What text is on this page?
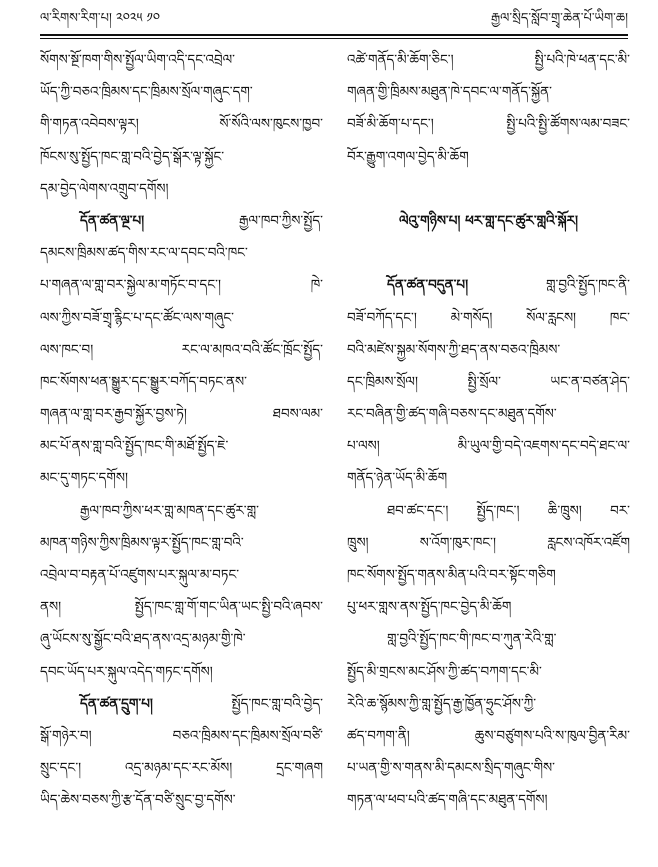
ལ་རིགས་རིག་པ། ༢༠༢༥ ༡༠	རྒྱལ་སྲིད་སློབ་གྲྭ་ཆེན་པོ་ཡིག་ཆ།
སོགས་སྔོ་ཁག་གིས་སྤྱོལ་ཡིག་འདི་དང་འབྲེལ་
ཡོད་ཀྱི་བཅའ་ཁྲིམས་དང་ཁྲིམས་སྲོལ་གཞུང་དག་
གི་གཏན་འབེབས་ལྟར། སོ་སོའི་ལས་ཁུངས་ཁྱབ་
ཁོངས་སུ་སྤྱོད་ཁང་གླ་བའི་བྱེད་སྒོར་ལྟ་སྐྱོང་
དམ་བྱེད་ལེགས་འགྲུབ་དགོས།
དོན་ཚན་ལྔ་པ། རྒྱལ་ཁབ་ཀྱིས་སྤྱོད་
དམངས་ཁྲིམས་ཚད་གིས་རང་ལ་དབང་བའི་ཁང་
པ་གཞན་ལ་གླ་བར་སྐྱེལ་མ་གཏོང་བ་དང་། ཁེ་
ལས་ཀྱིས་བཟོ་གྲྭ་རྙིང་པ་དང་ཚོང་ལས་གཞུང་
ལས་ཁང་བ། རང་ལ་མཁའ་བའི་ཚོང་ཁྲོང་སྤྱོད་
ཁང་སོགས་ཕན་སྒྱུར་དང་སྒྱུར་བཀོད་བཏང་ནས་
གཞན་ལ་གླ་བར་རྒྱབ་སྐྱོར་བྱས་ཏེ། ཐབས་ལམ་
མང་པོ་ནས་གླ་བའི་སྤྱོད་ཁང་གི་མཐོ་སྤྱོད་ཇེ་
མང་དུ་གཏང་དགོས།
རྒྱལ་ཁབ་ཀྱིས་ཕར་གླ་མཁན་དང་ཚུར་གླ་
མཁན་གཉིས་ཀྱིས་ཁྲིམས་ལྟར་སྤྱོད་ཁང་གླ་བའི་
འབྲེལ་བ་བརྟན་པོ་འཛུགས་པར་སྐུལ་མ་བཏང་
ནས། སྤྱོད་ཁང་གླ་གོ་གང་ཡིན་ཡང་སྤྱི་བའི་ཞབས་
ཞུ་ཡོངས་སུ་སྒྱོང་བའི་ཐད་ནས་འདྲ་མཉམ་གྱི་ཁེ་
དབང་ཡོད་པར་སྐུལ་འདེད་གཏང་དགོས།
དོན་ཚན་དྲུག་པ། སྤྱོད་ཁང་གླ་བའི་བྱེད་
སྒོ་གཉེར་བ། བཅའ་ཁྲིམས་དང་ཁྲིམས་སྲོལ་བཙི་
སྲུང་དང་། འདྲ་མཉམ་དང་རང་མོས། དྲང་གཞག
ཡིད་ཆེས་བཅས་ཀྱི་རྩ་དོན་བཙི་སྲུང་བྱ་དགོས་
འཚེ་གནོད་མི་ཆོག་ཅིང་། སྤྱི་པའི་ཁེ་ཕན་དང་མི་
གཞན་གྱི་ཁྲིམས་མཐུན་ཁེ་དབང་ལ་གནོད་སྐྱོན་
བཟོ་མི་ཆོག་པ་དང་། སྤྱི་པའི་སྤྱི་ཚོགས་ལམ་བཟང་
བོར་རྒྱུག་འགལ་བྱེད་མི་ཆོག
ལེའུ་གཉིས་པ། ཕར་གླ་དང་ཚུར་གླའི་སྐོར།
དོན་ཚན་བདུན་པ། གླ་བྱའི་སྤྱོད་ཁང་ནི་
བཟོ་བཀོད་དང་། མེ་གསོད། སོལ་རླངས། ཁང་
བའི་མཛེས་སྐྱམ་སོགས་ཀྱི་ཐད་ནས་བཅའ་ཁྲིམས་
དང་ཁྲིམས་སྲོལ། སྤྱི་སྲོལ་ ཡང་ན་བཙན་ཤེད་
རང་བཞིན་གྱི་ཚད་གཞི་བཅས་དང་མཐུན་དགོས་
པ་ལས། མི་ཡུལ་གྱི་བདེ་འཇགས་དང་བདེ་ཐང་ལ་
གནོད་ཉེན་ཡོད་མི་ཆོག
ཐབ་ཚང་དང་། སྤྱོད་ཁང་། ཆི་ཁྲུས། བར་
ཁྲུས། ས་འོག་ཁུར་ཁང་། རླངས་འཁོར་འཛོག
ཁང་སོགས་སྤྱོད་གནས་མིན་པའི་བར་སྟོང་གཅིག
པུ་ཕར་གླས་ནས་སྤྱོད་ཁང་བྱེད་མི་ཆོག
གླ་བྱའི་སྤྱོད་ཁང་གི་ཁང་བ་ཀུན་རེའི་གླ་
སྤྱོད་མི་གྲངས་མང་ཤོས་ཀྱི་ཚད་བཀག་དང་མི་
རེའི་ཆ་སྙོམས་ཀྱི་གླ་སྤྱོད་རྒྱ་ཁྱོན་ཧྲུང་ཤོས་ཀྱི་
ཚད་བཀག་ནི། ཆུས་བཙུགས་པའི་ས་ཁུལ་བྱིན་རིམ་
པ་ཡན་གྱི་ས་གནས་མི་དམངས་སྲིད་གཞུང་གིས་
གཏན་ལ་ཕབ་པའི་ཚད་གཞི་དང་མཐུན་དགོས།
